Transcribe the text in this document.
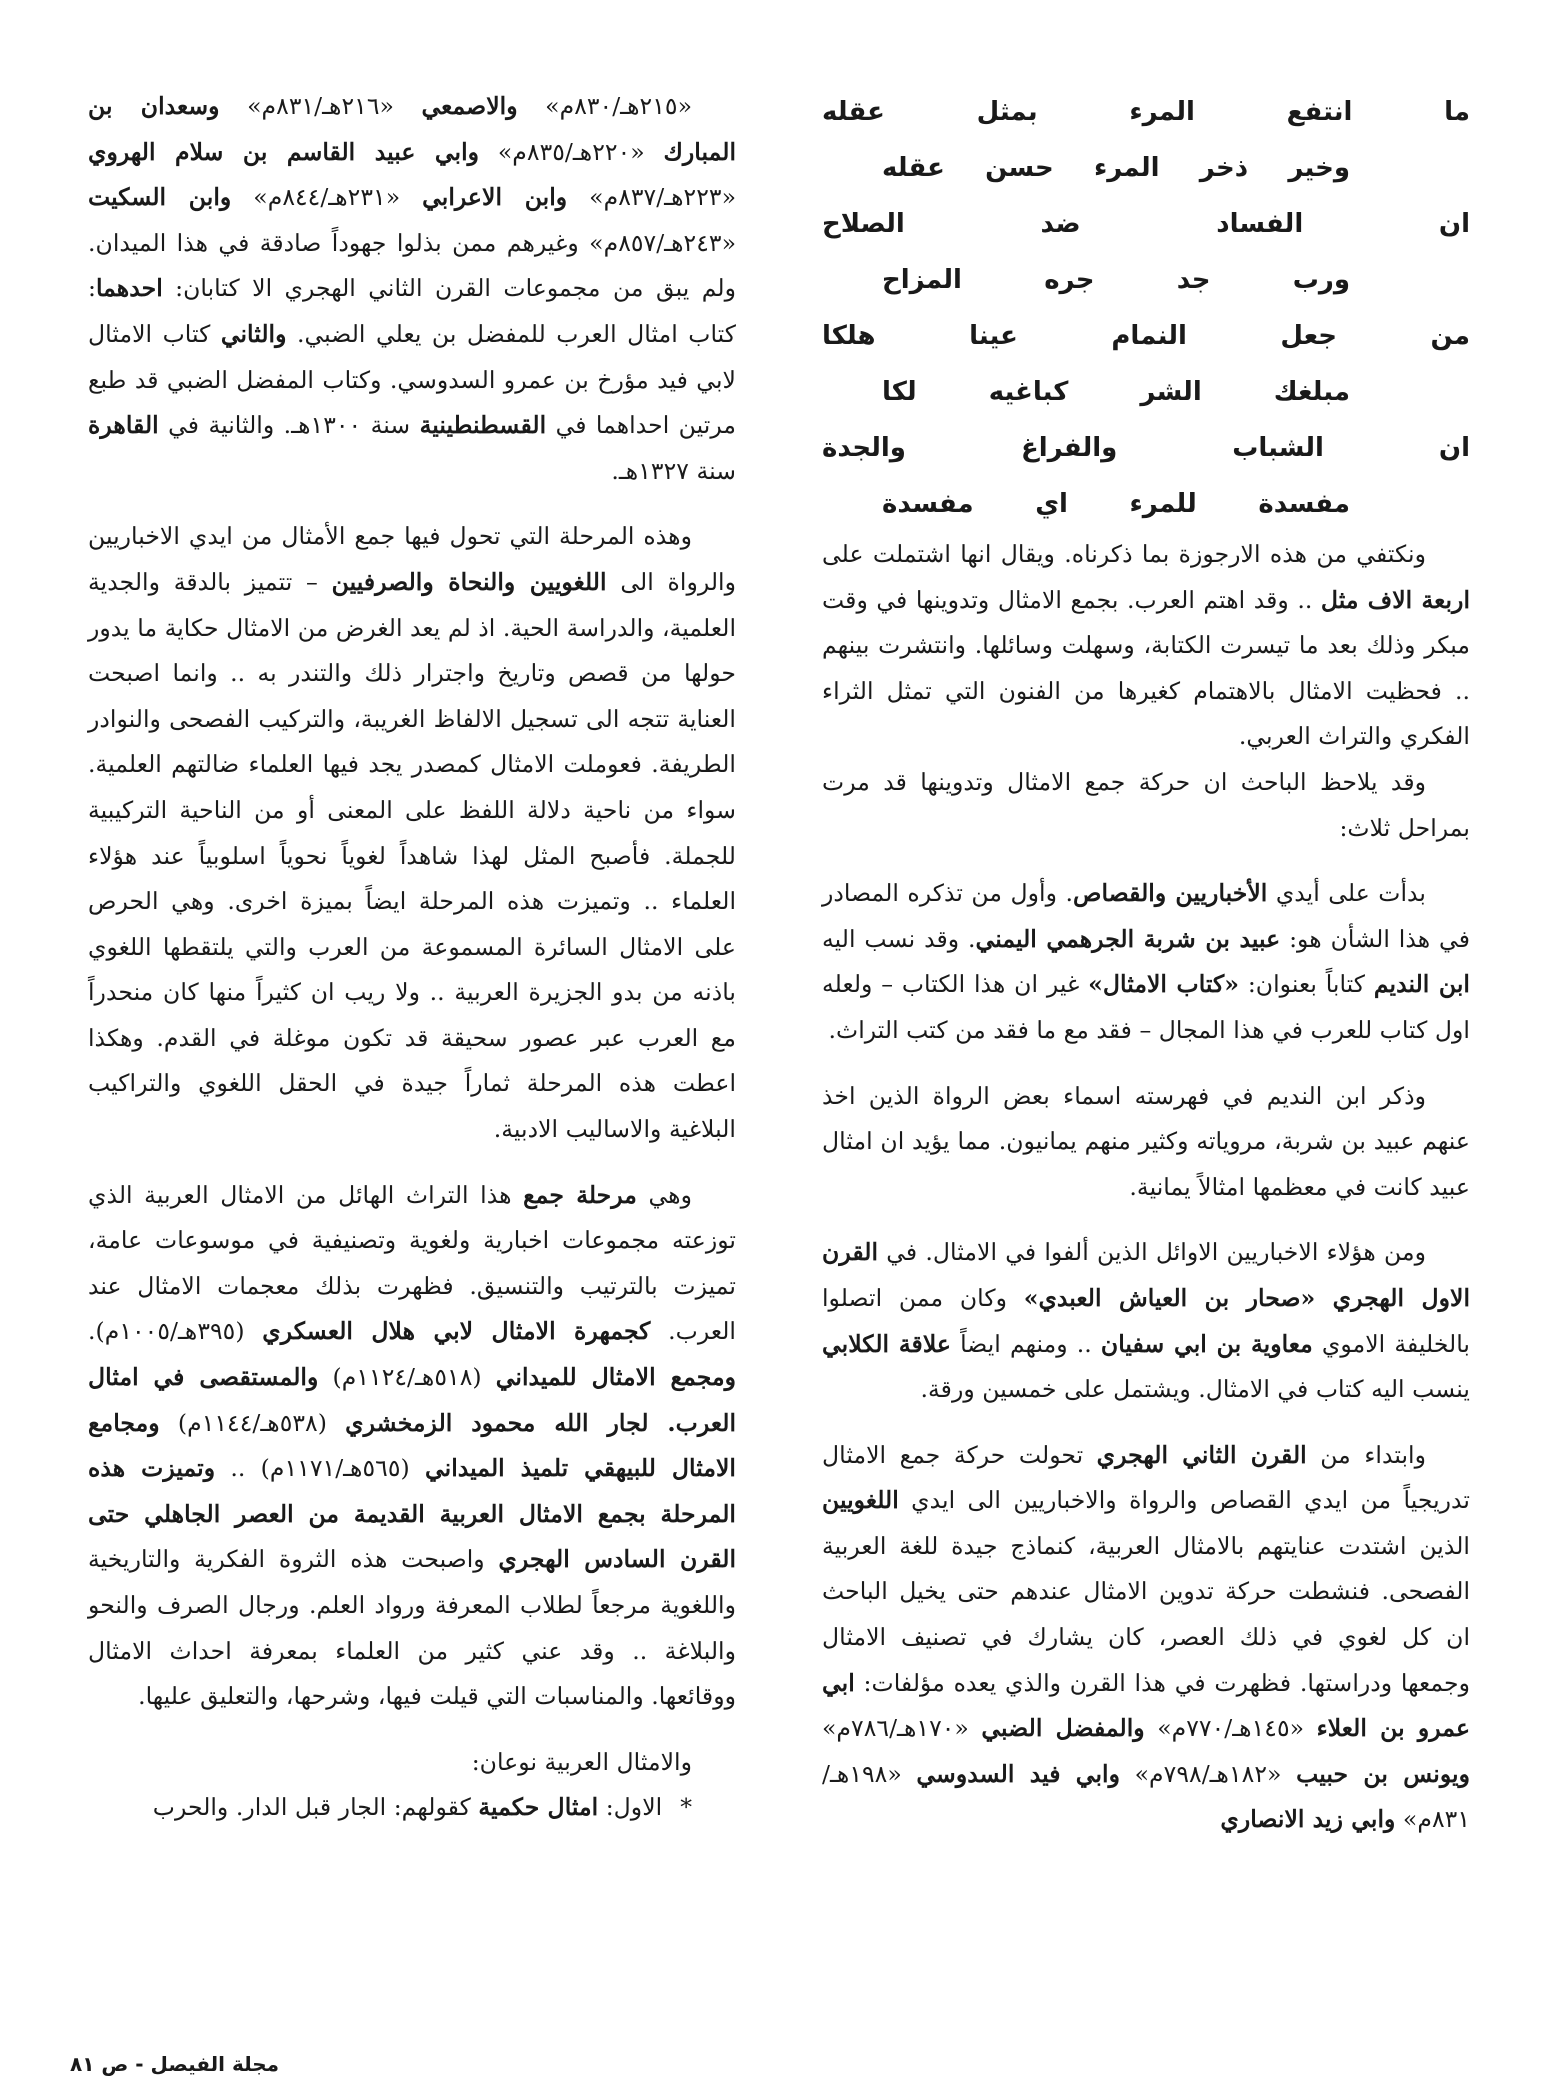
ما
انتفع
المرء
بمثل
عقله
وخير
ذخر
المرء
حسن
عقله
ان
الفساد
ضد
الصلاح
ورب
جد
جره
المزاح
من
جعل
النمام
عينا
هلكا
مبلغك
الشر
كباغيه
لكا
ان
الشباب
والفراغ
والجدة
مفسدة
للمرء
اي
مفسدة

ونكتفي من هذه الارجوزة بما ذكرناه. ويقال انها اشتملت على اربعة الاف مثل .. وقد اهتم العرب. بجمع الامثال وتدوينها في وقت مبكر وذلك بعد ما تيسرت الكتابة، وسهلت وسائلها. وانتشرت بينهم .. فحظيت الامثال بالاهتمام كغيرها من الفنون التي تمثل الثراء الفكري والتراث العربي.

وقد يلاحظ الباحث ان حركة جمع الامثال وتدوينها قد مرت بمراحل ثلاث:

بدأت على أيدي الأخباريين والقصاص. وأول من تذكره المصادر في هذا الشأن هو: عبيد بن شربة الجرهمي اليمني. وقد نسب اليه ابن النديم كتاباً بعنوان: «كتاب الامثال» غير ان هذا الكتاب – ولعله اول كتاب للعرب في هذا المجال – فقد مع ما فقد من كتب التراث.

وذكر ابن النديم في فهرسته اسماء بعض الرواة الذين اخذ عنهم عبيد بن شربة، مروياته وكثير منهم يمانيون. مما يؤيد ان امثال عبيد كانت في معظمها امثالاً يمانية.

ومن هؤلاء الاخباريين الاوائل الذين ألفوا في الامثال. في القرن الاول الهجري «صحار بن العياش العبدي» وكان ممن اتصلوا بالخليفة الاموي معاوية بن ابي سفيان .. ومنهم ايضاً علاقة الكلابي ينسب اليه كتاب في الامثال. ويشتمل على خمسين ورقة.

وابتداء من القرن الثاني الهجري تحولت حركة جمع الامثال تدريجياً من ايدي القصاص والرواة والاخباريين الى ايدي اللغويين الذين اشتدت عنايتهم بالامثال العربية، كنماذج جيدة للغة العربية الفصحى. فنشطت حركة تدوين الامثال عندهم حتى يخيل الباحث ان كل لغوي في ذلك العصر، كان يشارك في تصنيف الامثال وجمعها ودراستها. فظهرت في هذا القرن والذي يعده مؤلفات: ابي عمرو بن العلاء «١٤٥هـ/٧٧٠م» والمفضل الضبي «١٧٠هـ/٧٨٦م» ويونس بن حبيب «١٨٢هـ/٧٩٨م» وابي فيد السدوسي «١٩٨هـ/٨٣١م» وابي زيد الانصاري

«٢١٥هـ/٨٣٠م» والاصمعي «٢١٦هـ/٨٣١م» وسعدان بن المبارك «٢٢٠هـ/٨٣٥م» وابي عبيد القاسم بن سلام الهروي «٢٢٣هـ/٨٣٧م» وابن الاعرابي «٢٣١هـ/٨٤٤م» وابن السكيت «٢٤٣هـ/٨٥٧م» وغيرهم ممن بذلوا جهوداً صادقة في هذا الميدان. ولم يبق من مجموعات القرن الثاني الهجري الا كتابان: احدهما: كتاب امثال العرب للمفضل بن يعلي الضبي. والثاني كتاب الامثال لابي فيد مؤرخ بن عمرو السدوسي. وكتاب المفضل الضبي قد طبع مرتين احداهما في القسطنطينية سنة ١٣٠٠هـ. والثانية في القاهرة سنة ١٣٢٧هـ.

وهذه المرحلة التي تحول فيها جمع الأمثال من ايدي الاخباريين والرواة الى اللغويين والنحاة والصرفيين – تتميز بالدقة والجدية العلمية، والدراسة الحية. اذ لم يعد الغرض من الامثال حكاية ما يدور حولها من قصص وتاريخ واجترار ذلك والتندر به .. وانما اصبحت العناية تتجه الى تسجيل الالفاظ الغريبة، والتركيب الفصحى والنوادر الطريفة. فعوملت الامثال كمصدر يجد فيها العلماء ضالتهم العلمية. سواء من ناحية دلالة اللفظ على المعنى أو من الناحية التركيبية للجملة. فأصبح المثل لهذا شاهداً لغوياً نحوياً اسلوبياً عند هؤلاء العلماء .. وتميزت هذه المرحلة ايضاً بميزة اخرى. وهي الحرص على الامثال السائرة المسموعة من العرب والتي يلتقطها اللغوي باذنه من بدو الجزيرة العربية .. ولا ريب ان كثيراً منها كان منحدراً مع العرب عبر عصور سحيقة قد تكون موغلة في القدم. وهكذا اعطت هذه المرحلة ثماراً جيدة في الحقل اللغوي والتراكيب البلاغية والاساليب الادبية.

وهي مرحلة جمع هذا التراث الهائل من الامثال العربية الذي توزعته مجموعات اخبارية ولغوية وتصنيفية في موسوعات عامة، تميزت بالترتيب والتنسيق. فظهرت بذلك معجمات الامثال عند العرب. كجمهرة الامثال لابي هلال العسكري (٣٩٥هـ/١٠٠٥م). ومجمع الامثال للميداني (٥١٨هـ/١١٢٤م) والمستقصى في امثال العرب. لجار الله محمود الزمخشري (٥٣٨هـ/١١٤٤م) ومجامع الامثال للبيهقي تلميذ الميداني (٥٦٥هـ/١١٧١م) .. وتميزت هذه المرحلة بجمع الامثال العربية القديمة من العصر الجاهلي حتى القرن السادس الهجري واصبحت هذه الثروة الفكرية والتاريخية واللغوية مرجعاً لطلاب المعرفة ورواد العلم. ورجال الصرف والنحو والبلاغة .. وقد عني كثير من العلماء بمعرفة احداث الامثال ووقائعها. والمناسبات التي قيلت فيها، وشرحها، والتعليق عليها.

والامثال العربية نوعان:

*الاول: امثال حكمية كقولهم: الجار قبل الدار. والحرب

مجلة الفيصل - ص ٨١
